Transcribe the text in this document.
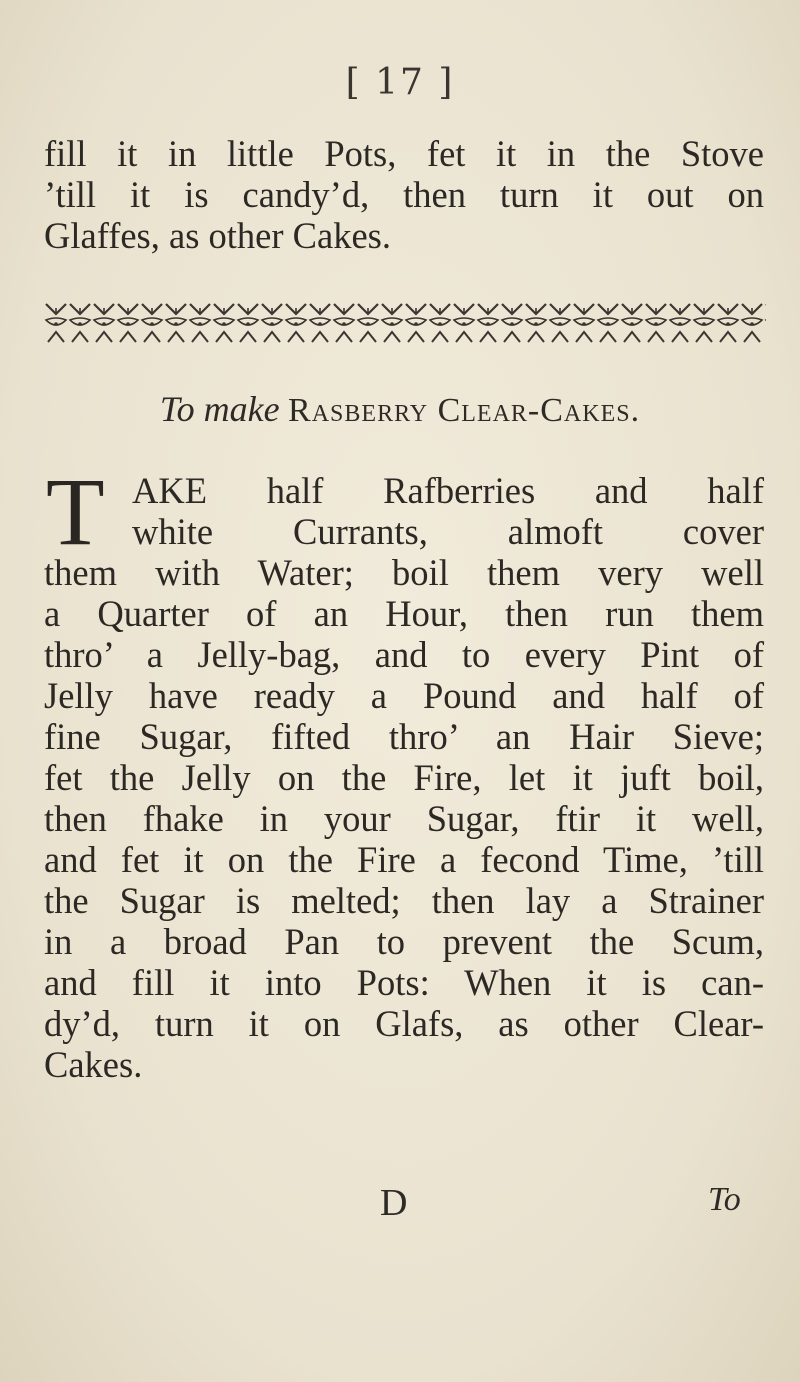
[ 17 ]
fill it in little Pots, fet it in the Stove
’till it is candy’d, then turn it out on
Glaffes, as other Cakes.
To make Rasberry Clear-Cakes.
T AKE half Rafberries and half
white Currants, almoft cover
them with Water; boil them very well
a Quarter of an Hour, then run them
thro’ a Jelly-bag, and to every Pint of
Jelly have ready a Pound and half of
fine Sugar, fifted thro’ an Hair Sieve;
fet the Jelly on the Fire, let it juft boil,
then fhake in your Sugar, ftir it well,
and fet it on the Fire a fecond Time, ’till
the Sugar is melted; then lay a Strainer
in a broad Pan to prevent the Scum,
and fill it into Pots: When it is can-
dy’d, turn it on Glafs, as other Clear-
Cakes.
D	To
